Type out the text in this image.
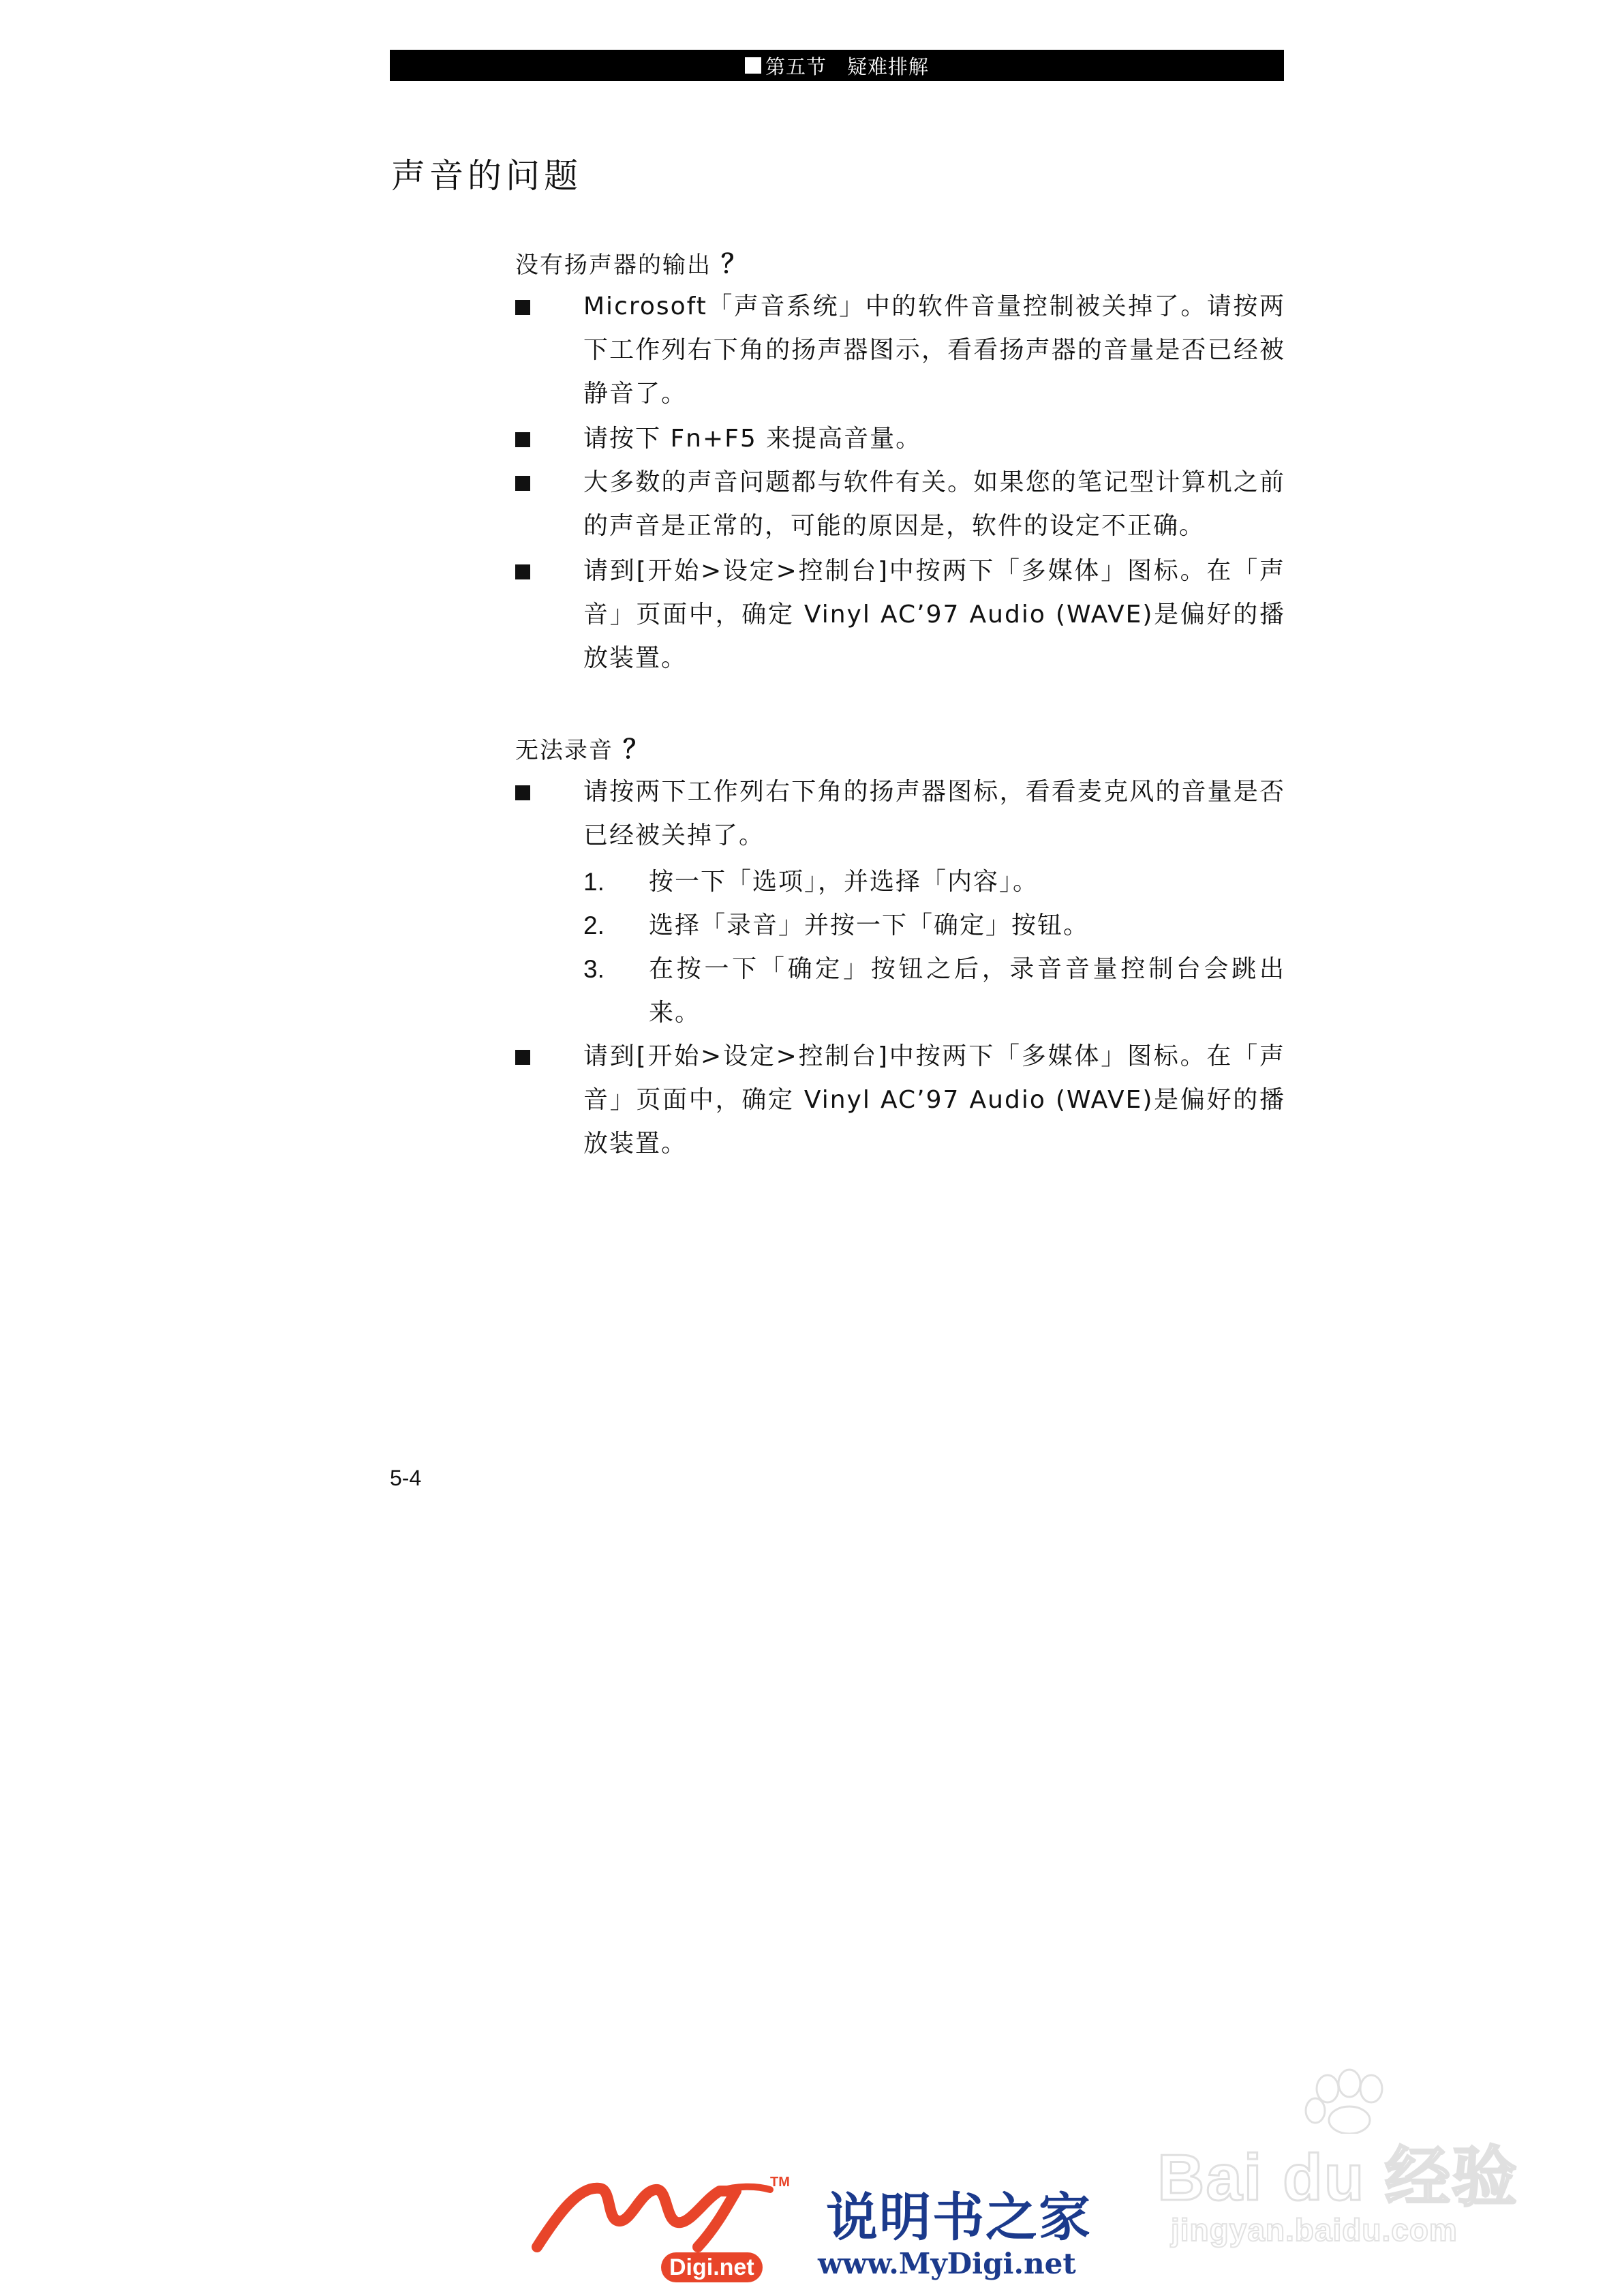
第五节　疑难排解
声音的问题
没有扬声器的输出 ？
Microsoft「声音系统」中的软件音量控制被关掉了。请按两下工作列右下角的扬声器图示，看看扬声器的音量是否已经被静音了。
请按下 Fn+F5 来提高音量。
大多数的声音问题都与软件有关。如果您的笔记型计算机之前的声音是正常的，可能的原因是，软件的设定不正确。
请到[开始>设定>控制台]中按两下「多媒体」图标。在「声音」页面中，确定 Vinyl AC’97 Audio (WAVE)是偏好的播放装置。
无法录音 ？
请按两下工作列右下角的扬声器图标，看看麦克风的音量是否已经被关掉了。
1. 按一下「选项」，并选择「内容」。
2. 选择「录音」并按一下「确定」按钮。
3. 在按一下「确定」按钮之后，录音音量控制台会跳出来。
请到[开始>设定>控制台]中按两下「多媒体」图标。在「声音」页面中，确定 Vinyl AC’97 Audio (WAVE)是偏好的播放装置。
5-4
Bai du 经验
jingyan.baidu.com
TM
Digi.net
说明书之家
www.MyDigi.net
